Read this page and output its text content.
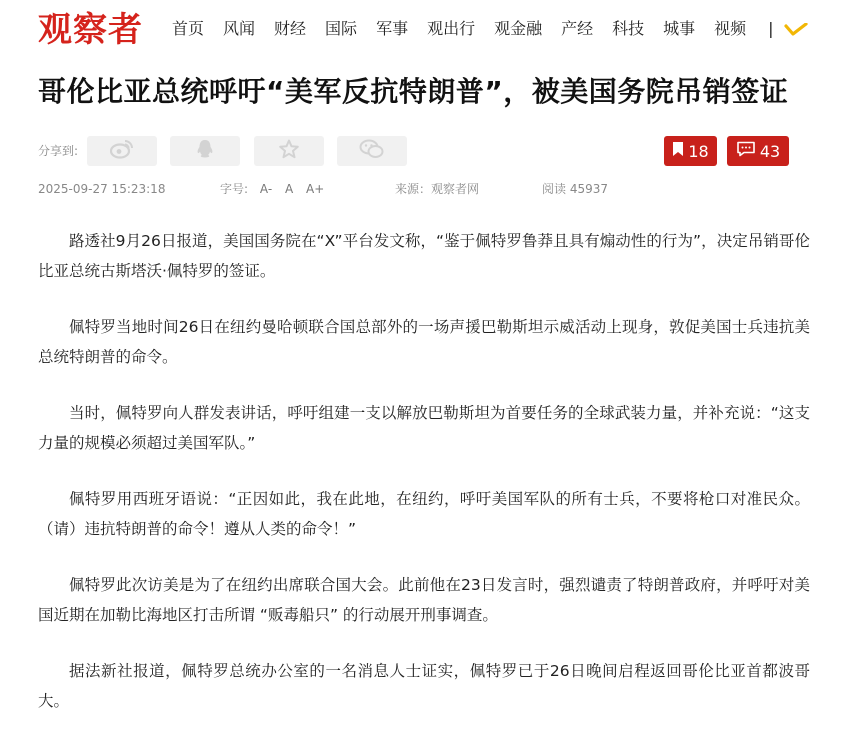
观察者 首页 风闻 财经 国际 军事 观出行 观金融 产经 科技 城事 视频 |
哥伦比亚总统呼吁“美军反抗特朗普”，被美国务院吊销签证
分享到:	18	43
2025-09-27 15:23:18	字号: A- A A+	来源：观察者网	阅读 45937

路透社9月26日报道，美国国务院在“X”平台发文称，“鉴于佩特罗鲁莽且具有煽动性的行为”，决定吊销哥伦比亚总统古斯塔沃·佩特罗的签证。

佩特罗当地时间26日在纽约曼哈顿联合国总部外的一场声援巴勒斯坦示威活动上现身，敦促美国士兵违抗美总统特朗普的命令。

当时，佩特罗向人群发表讲话，呼吁组建一支以解放巴勒斯坦为首要任务的全球武装力量，并补充说：“这支力量的规模必须超过美国军队。”

佩特罗用西班牙语说：“正因如此，我在此地，在纽约，呼吁美国军队的所有士兵，不要将枪口对准民众。（请）违抗特朗普的命令！遵从人类的命令！”

佩特罗此次访美是为了在纽约出席联合国大会。此前他在23日发言时，强烈谴责了特朗普政府，并呼吁对美国近期在加勒比海地区打击所谓 “贩毒船只” 的行动展开刑事调查。

据法新社报道，佩特罗总统办公室的一名消息人士证实，佩特罗已于26日晚间启程返回哥伦比亚首都波哥大。
